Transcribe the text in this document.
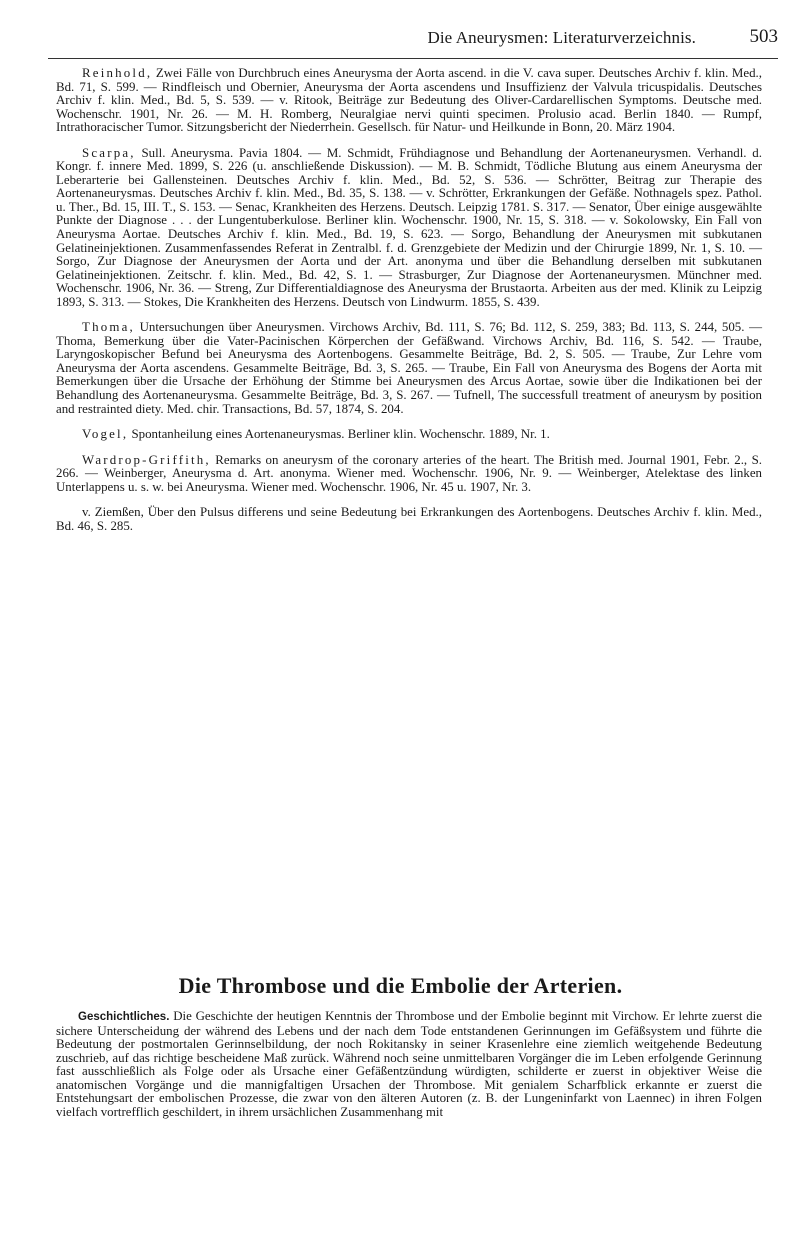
Die Aneurysmen: Literaturverzeichnis.	503

Reinhold, Zwei Fälle von Durchbruch eines Aneurysma der Aorta ascend. in die V. cava super. Deutsches Archiv f. klin. Med., Bd. 71, S. 599. — Rindfleisch und Obernier, Aneurysma der Aorta ascendens und Insuffizienz der Valvula tricuspidalis. Deutsches Archiv f. klin. Med., Bd. 5, S. 539. — v. Ritook, Beiträge zur Bedeutung des Oliver-Cardarellischen Symptoms. Deutsche med. Wochenschr. 1901, Nr. 26. — M. H. Romberg, Neuralgiae nervi quinti specimen. Prolusio acad. Berlin 1840. — Rumpf, Intrathoracischer Tumor. Sitzungsbericht der Niederrhein. Gesellsch. für Natur- und Heilkunde in Bonn, 20. März 1904.

Scarpa, Sull. Aneurysma. Pavia 1804. — M. Schmidt, Frühdiagnose und Behandlung der Aortenaneurysmen. Verhandl. d. Kongr. f. innere Med. 1899, S. 226 (u. anschließende Diskussion). — M. B. Schmidt, Tödliche Blutung aus einem Aneurysma der Leberarterie bei Gallensteinen. Deutsches Archiv f. klin. Med., Bd. 52, S. 536. — Schrötter, Beitrag zur Therapie des Aortenaneurysmas. Deutsches Archiv f. klin. Med., Bd. 35, S. 138. — v. Schrötter, Erkrankungen der Gefäße. Nothnagels spez. Pathol. u. Ther., Bd. 15, III. T., S. 153. — Senac, Krankheiten des Herzens. Deutsch. Leipzig 1781. S. 317. — Senator, Über einige ausgewählte Punkte der Diagnose . . . der Lungentuberkulose. Berliner klin. Wochenschr. 1900, Nr. 15, S. 318. — v. Sokolowsky, Ein Fall von Aneurysma Aortae. Deutsches Archiv f. klin. Med., Bd. 19, S. 623. — Sorgo, Behandlung der Aneurysmen mit subkutanen Gelatineinjektionen. Zusammenfassendes Referat in Zentralbl. f. d. Grenzgebiete der Medizin und der Chirurgie 1899, Nr. 1, S. 10. — Sorgo, Zur Diagnose der Aneurysmen der Aorta und der Art. anonyma und über die Behandlung derselben mit subkutanen Gelatineinjektionen. Zeitschr. f. klin. Med., Bd. 42, S. 1. — Strasburger, Zur Diagnose der Aortenaneurysmen. Münchner med. Wochenschr. 1906, Nr. 36. — Streng, Zur Differentialdiagnose des Aneurysma der Brustaorta. Arbeiten aus der med. Klinik zu Leipzig 1893, S. 313. — Stokes, Die Krankheiten des Herzens. Deutsch von Lindwurm. 1855, S. 439.

Thoma, Untersuchungen über Aneurysmen. Virchows Archiv, Bd. 111, S. 76; Bd. 112, S. 259, 383; Bd. 113, S. 244, 505. — Thoma, Bemerkung über die Vater-Pacinischen Körperchen der Gefäßwand. Virchows Archiv, Bd. 116, S. 542. — Traube, Laryngoskopischer Befund bei Aneurysma des Aortenbogens. Gesammelte Beiträge, Bd. 2, S. 505. — Traube, Zur Lehre vom Aneurysma der Aorta ascendens. Gesammelte Beiträge, Bd. 3, S. 265. — Traube, Ein Fall von Aneurysma des Bogens der Aorta mit Bemerkungen über die Ursache der Erhöhung der Stimme bei Aneurysmen des Arcus Aortae, sowie über die Indikationen bei der Behandlung des Aortenaneurysma. Gesammelte Beiträge, Bd. 3, S. 267. — Tufnell, The successfull treatment of aneurysm by position and restrainted diety. Med. chir. Transactions, Bd. 57, 1874, S. 204.

Vogel, Spontanheilung eines Aortenaneurysmas. Berliner klin. Wochenschr. 1889, Nr. 1.

Wardrop-Griffith, Remarks on aneurysm of the coronary arteries of the heart. The British med. Journal 1901, Febr. 2., S. 266. — Weinberger, Aneurysma d. Art. anonyma. Wiener med. Wochenschr. 1906, Nr. 9. — Weinberger, Atelektase des linken Unterlappens u. s. w. bei Aneurysma. Wiener med. Wochenschr. 1906, Nr. 45 u. 1907, Nr. 3.

v. Ziemßen, Über den Pulsus differens und seine Bedeutung bei Erkrankungen des Aortenbogens. Deutsches Archiv f. klin. Med., Bd. 46, S. 285.

Die Thrombose und die Embolie der Arterien.

Geschichtliches. Die Geschichte der heutigen Kenntnis der Thrombose und der Embolie beginnt mit Virchow. Er lehrte zuerst die sichere Unterscheidung der während des Lebens und der nach dem Tode entstandenen Gerinnungen im Gefäßsystem und führte die Bedeutung der postmortalen Gerinnselbildung, der noch Rokitansky in seiner Krasenlehre eine ziemlich weitgehende Bedeutung zuschrieb, auf das richtige bescheidene Maß zurück. Während noch seine unmittelbaren Vorgänger die im Leben erfolgende Gerinnung fast ausschließlich als Folge oder als Ursache einer Gefäßentzündung würdigten, schilderte er zuerst in objektiver Weise die anatomischen Vorgänge und die mannigfaltigen Ursachen der Thrombose. Mit genialem Scharfblick erkannte er zuerst die Entstehungsart der embolischen Prozesse, die zwar von den älteren Autoren (z. B. der Lungeninfarkt von Laennec) in ihren Folgen vielfach vortrefflich geschildert, in ihrem ursächlichen Zusammenhang mit
